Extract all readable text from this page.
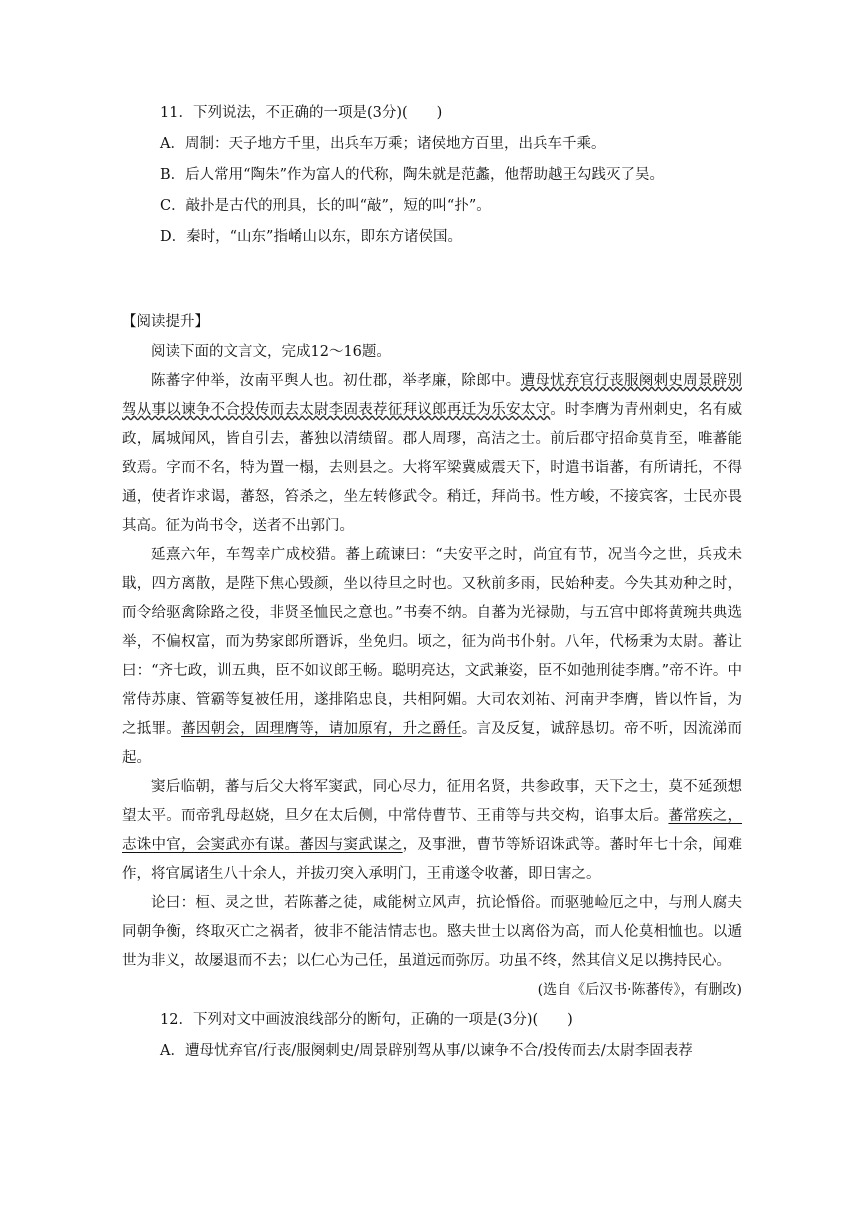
11．下列说法，不正确的一项是(3分)(　　)
A．周制：天子地方千里，出兵车万乘；诸侯地方百里，出兵车千乘。
B．后人常用“陶朱”作为富人的代称，陶朱就是范蠡，他帮助越王勾践灭了吴。
C．敲扑是古代的刑具，长的叫“敲”，短的叫“扑”。
D．秦时，“山东”指崤山以东，即东方诸侯国。
【阅读提升】

阅读下面的文言文，完成12～16题。

陈蕃字仲举，汝南平舆人也。初仕郡，举孝廉，除郎中。遭母忧弃官行丧服阕刺史周景辟别驾从事以谏争不合投传而去太尉李固表荐征拜议郎再迁为乐安太守。时李膺为青州刺史，名有威政，属城闻风，皆自引去，蕃独以清绩留。郡人周璆，高洁之士。前后郡守招命莫肯至，唯蕃能致焉。字而不名，特为置一榻，去则县之。大将军梁冀威震天下，时遣书诣蕃，有所请托，不得通，使者诈求谒，蕃怒，笞杀之，坐左转修武令。稍迁，拜尚书。性方峻，不接宾客，士民亦畏其高。征为尚书令，送者不出郭门。

延熹六年，车驾幸广成校猎。蕃上疏谏曰：“夫安平之时，尚宜有节，况当今之世，兵戎未戢，四方离散，是陛下焦心毁颜，坐以待旦之时也。又秋前多雨，民始种麦。今失其劝种之时，而令给驱禽除路之役，非贤圣恤民之意也。”书奏不纳。自蕃为光禄勋，与五宫中郎将黄琬共典选举，不偏权富，而为势家郎所谮诉，坐免归。顷之，征为尚书仆射。八年，代杨秉为太尉。蕃让曰：“齐七政，训五典，臣不如议郎王畅。聪明亮达，文武兼姿，臣不如弛刑徒李膺。”帝不许。中常侍苏康、管霸等复被任用，遂排陷忠良，共相阿媚。大司农刘祐、河南尹李膺，皆以忤旨，为之抵罪。蕃因朝会，固理膺等，请加原宥，升之爵任。言及反复，诚辞恳切。帝不听，因流涕而起。

窦后临朝，蕃与后父大将军窦武，同心尽力，征用名贤，共参政事，天下之士，莫不延颈想望太平。而帝乳母赵娆，旦夕在太后侧，中常侍曹节、王甫等与共交构，谄事太后。蕃常疾之，志诛中官，会窦武亦有谋。蕃因与窦武谋之，及事泄，曹节等矫诏诛武等。蕃时年七十余，闻难作，将官属诸生八十余人，并拔刃突入承明门，王甫遂令收蕃，即日害之。

论曰：桓、灵之世，若陈蕃之徒，咸能树立风声，抗论惛俗。而驱驰崄厄之中，与刑人腐夫同朝争衡，终取灭亡之祸者，彼非不能洁情志也。愍夫世士以离俗为高，而人伦莫相恤也。以遁世为非义，故屡退而不去；以仁心为己任，虽道远而弥厉。功虽不终，然其信义足以携持民心。

(选自《后汉书·陈蕃传》，有删改)

12．下列对文中画波浪线部分的断句，正确的一项是(3分)(　　)
A．遭母忧弃官/行丧/服阕刺史/周景辟别驾从事/以谏争不合/投传而去/太尉李固表荐
